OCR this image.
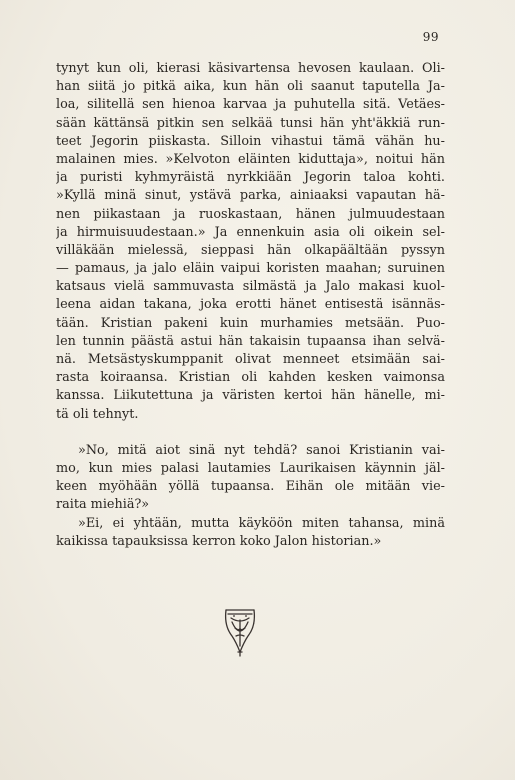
99
tynyt kun oli, kierasi käsivartensa hevosen kaulaan. Oli-
han siitä jo pitkä aika, kun hän oli saanut taputella Ja-
loa, silitellä sen hienoa karvaa ja puhutella sitä. Vetäes-
sään kättänsä pitkin sen selkää tunsi hän yht'äkkiä run-
teet Jegorin piiskasta. Silloin vihastui tämä vähän hu-
malainen mies. »Kelvoton eläinten kiduttaja», noitui hän
ja puristi kyhmyräistä nyrkkiään Jegorin taloa kohti.
»Kyllä minä sinut, ystävä parka, ainiaaksi vapautan hä-
nen piikastaan ja ruoskastaan, hänen julmuudestaan
ja hirmuisuudestaan.» Ja ennenkuin asia oli oikein sel-
villäkään mielessä, sieppasi hän olkapäältään pyssyn
— pamaus, ja jalo eläin vaipui koristen maahan; suruinen
katsaus vielä sammuvasta silmästä ja Jalo makasi kuol-
leena aidan takana, joka erotti hänet entisestä isännäs-
tään. Kristian pakeni kuin murhamies metsään. Puo-
len tunnin päästä astui hän takaisin tupaansa ihan selvä-
nä. Metsästyskumppanit olivat menneet etsimään sai-
rasta koiraansa. Kristian oli kahden kesken vaimonsa
kanssa. Liikutettuna ja väristen kertoi hän hänelle, mi-
tä oli tehnyt.
»No, mitä aiot sinä nyt tehdä? sanoi Kristianin vai-
mo, kun mies palasi lautamies Laurikaisen käynnin jäl-
keen myöhään yöllä tupaansa. Eihän ole mitään vie-
raita miehiä?»
»Ei, ei yhtään, mutta käyköön miten tahansa, minä
kaikissa tapauksissa kerron koko Jalon historian.»
